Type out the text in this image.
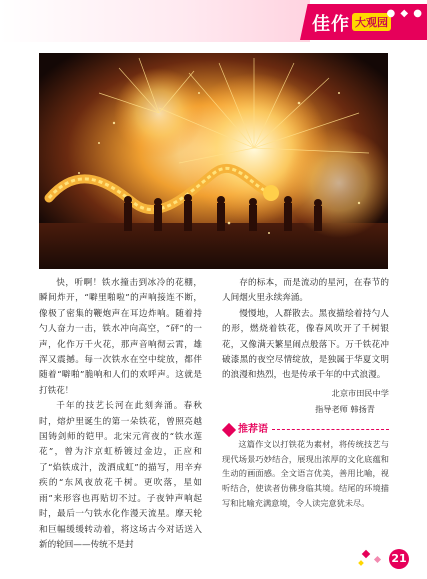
佳作 大观园
● ◆ ●

快，听啊！铁水撞击到冰冷的花棚，瞬间炸开，“噼里啪啦”的声响接连不断，像极了密集的鞭炮声在耳边炸响。随着持勺人奋力一击，铁水冲向高空，“砰”的一声，化作万千火花，那声音响彻云霄，雄浑又震撼。每一次铁水在空中绽放，都伴随着“噼啪”脆响和人们的欢呼声。这就是打铁花！

千年的技艺长河在此刻奔涌。春秋时，熔炉里诞生的第一朵铁花，曾照亮越国铸剑师的铠甲。北宋元宵夜的“铁水莲花”，曾为汴京虹桥镀过金边，正应和了“焰铁成汁，泼洒成虹”的描写，用辛弃疾的“东风夜放花千树。更吹落，星如雨”来形容也再贴切不过。子夜钟声响起时，最后一勺铁水化作漫天流星。摩天轮和巨幅缓缓转动着，将这场古今对话送入新的轮回——传统不是封

存的标本，而是流动的星河，在春节的人间烟火里永续奔涌。

慢慢地，人群散去。黑夜描绘着持勺人的形，燃烧着铁花，像春风吹开了千树银花，又像满天繁星闹点般落下。万千铁花冲破漆黑的夜空尽情绽放，是独属于华夏文明的浪漫和热烈，也是传承千年的中式浪漫。

北京市田民中学
指导老师 韩扬青
推荐语

这篇作文以打铁花为素材，将传统技艺与现代场景巧妙结合，展现出浓厚的文化底蕴和生动的画面感。全文语言优美，善用比喻，视听结合，使读者仿佛身临其境。结尾的环境描写和比喻充满意境，令人读完意犹未尽。

21
